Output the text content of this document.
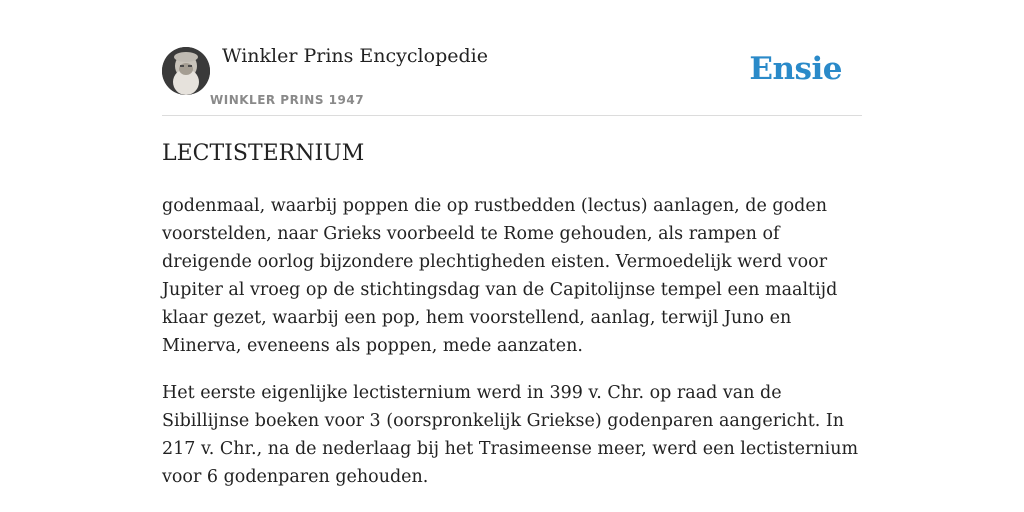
Winkler Prins Encyclopedie
WINKLER PRINS 1947
Ensie
LECTISTERNIUM

godenmaal, waarbij poppen die op rustbedden (lectus) aanlagen, de goden voorstelden, naar Grieks voorbeeld te Rome gehouden, als rampen of dreigende oorlog bijzondere plechtigheden eisten. Vermoedelijk werd voor Jupiter al vroeg op de stichtingsdag van de Capitolijnse tempel een maaltijd klaar gezet, waarbij een pop, hem voorstellend, aanlag, terwijl Juno en Minerva, eveneens als poppen, mede aanzaten.

Het eerste eigenlijke lectisternium werd in 399 v. Chr. op raad van de Sibillijnse boeken voor 3 (oorspronkelijk Griekse) godenparen aangericht. In 217 v. Chr., na de nederlaag bij het Trasimeense meer, werd een lectisternium voor 6 godenparen gehouden.
